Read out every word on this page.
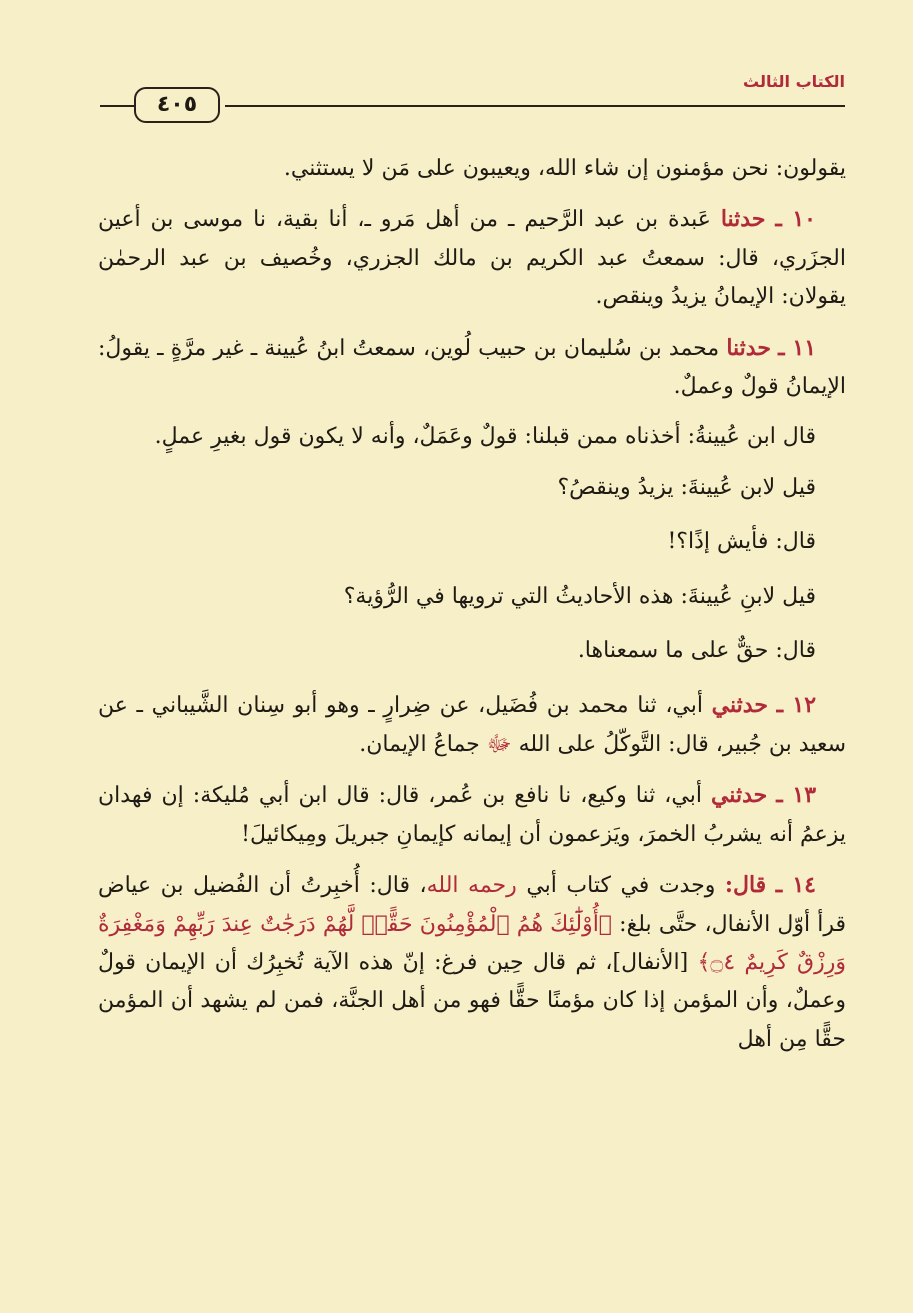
الكتاب الثالث
٤٠٥

يقولون: نحن مؤمنون إن شاء الله، ويعيبون على مَن لا يستثني.

١٠ ـ حدثنا عَبدة بن عبد الرَّحيم ـ من أهل مَرو ـ، أنا بقية، نا موسى بن أعين الجزَري، قال: سمعتُ عبد الكريم بن مالك الجزري، وخُصيف بن عبد الرحمٰن يقولان: الإيمانُ يزيدُ وينقص.

١١ ـ حدثنا محمد بن سُليمان بن حبيب لُوين، سمعتُ ابنُ عُيينة ـ غير مرَّةٍ ـ يقولُ: الإيمانُ قولٌ وعملٌ.

قال ابن عُيينةُ: أخذناه ممن قبلنا: قولٌ وعَمَلٌ، وأنه لا يكون قول بغيرِ عملٍ.

قيل لابن عُيينةَ: يزيدُ وينقصُ؟

قال: فأيش إذًا؟!

قيل لابنِ عُيينةَ: هذه الأحاديثُ التي ترويها في الرُّؤية؟

قال: حقٌّ على ما سمعناها.

١٢ ـ حدثني أبي، ثنا محمد بن فُضَيل، عن ضِرارٍ ـ وهو أبو سِنان الشَّيباني ـ عن سعيد بن جُبير، قال: التَّوكّلُ على الله ﷻ جماعُ الإيمان.

١٣ ـ حدثني أبي، ثنا وكيع، نا نافع بن عُمر، قال: قال ابن أبي مُليكة: إن فهدان يزعمُ أنه يشربُ الخمرَ، ويَزعمون أن إيمانه كإيمانِ جبريلَ ومِيكائيلَ!

١٤ ـ قال: وجدت في كتاب أبي رحمه الله، قال: أُخبِرتُ أن الفُضيل بن عياض قرأ أوّل الأنفال، حتَّى بلغ: ﴿أُوْلَٰٓئِكَ هُمُ ٱلْمُؤْمِنُونَ حَقًّاۚ لَّهُمْ دَرَجَٰتٌ عِندَ رَبِّهِمْ وَمَغْفِرَةٌ وَرِزْقٌ كَرِيمٌ ۝٤﴾ [الأنفال]، ثم قال حِين فرغ: إنّ هذه الآية تُخبِرُك أن الإيمان قولٌ وعملٌ، وأن المؤمن إذا كان مؤمنًا حقًّا فهو من أهل الجنَّة، فمن لم يشهد أن المؤمن حقًّا مِن أهل
